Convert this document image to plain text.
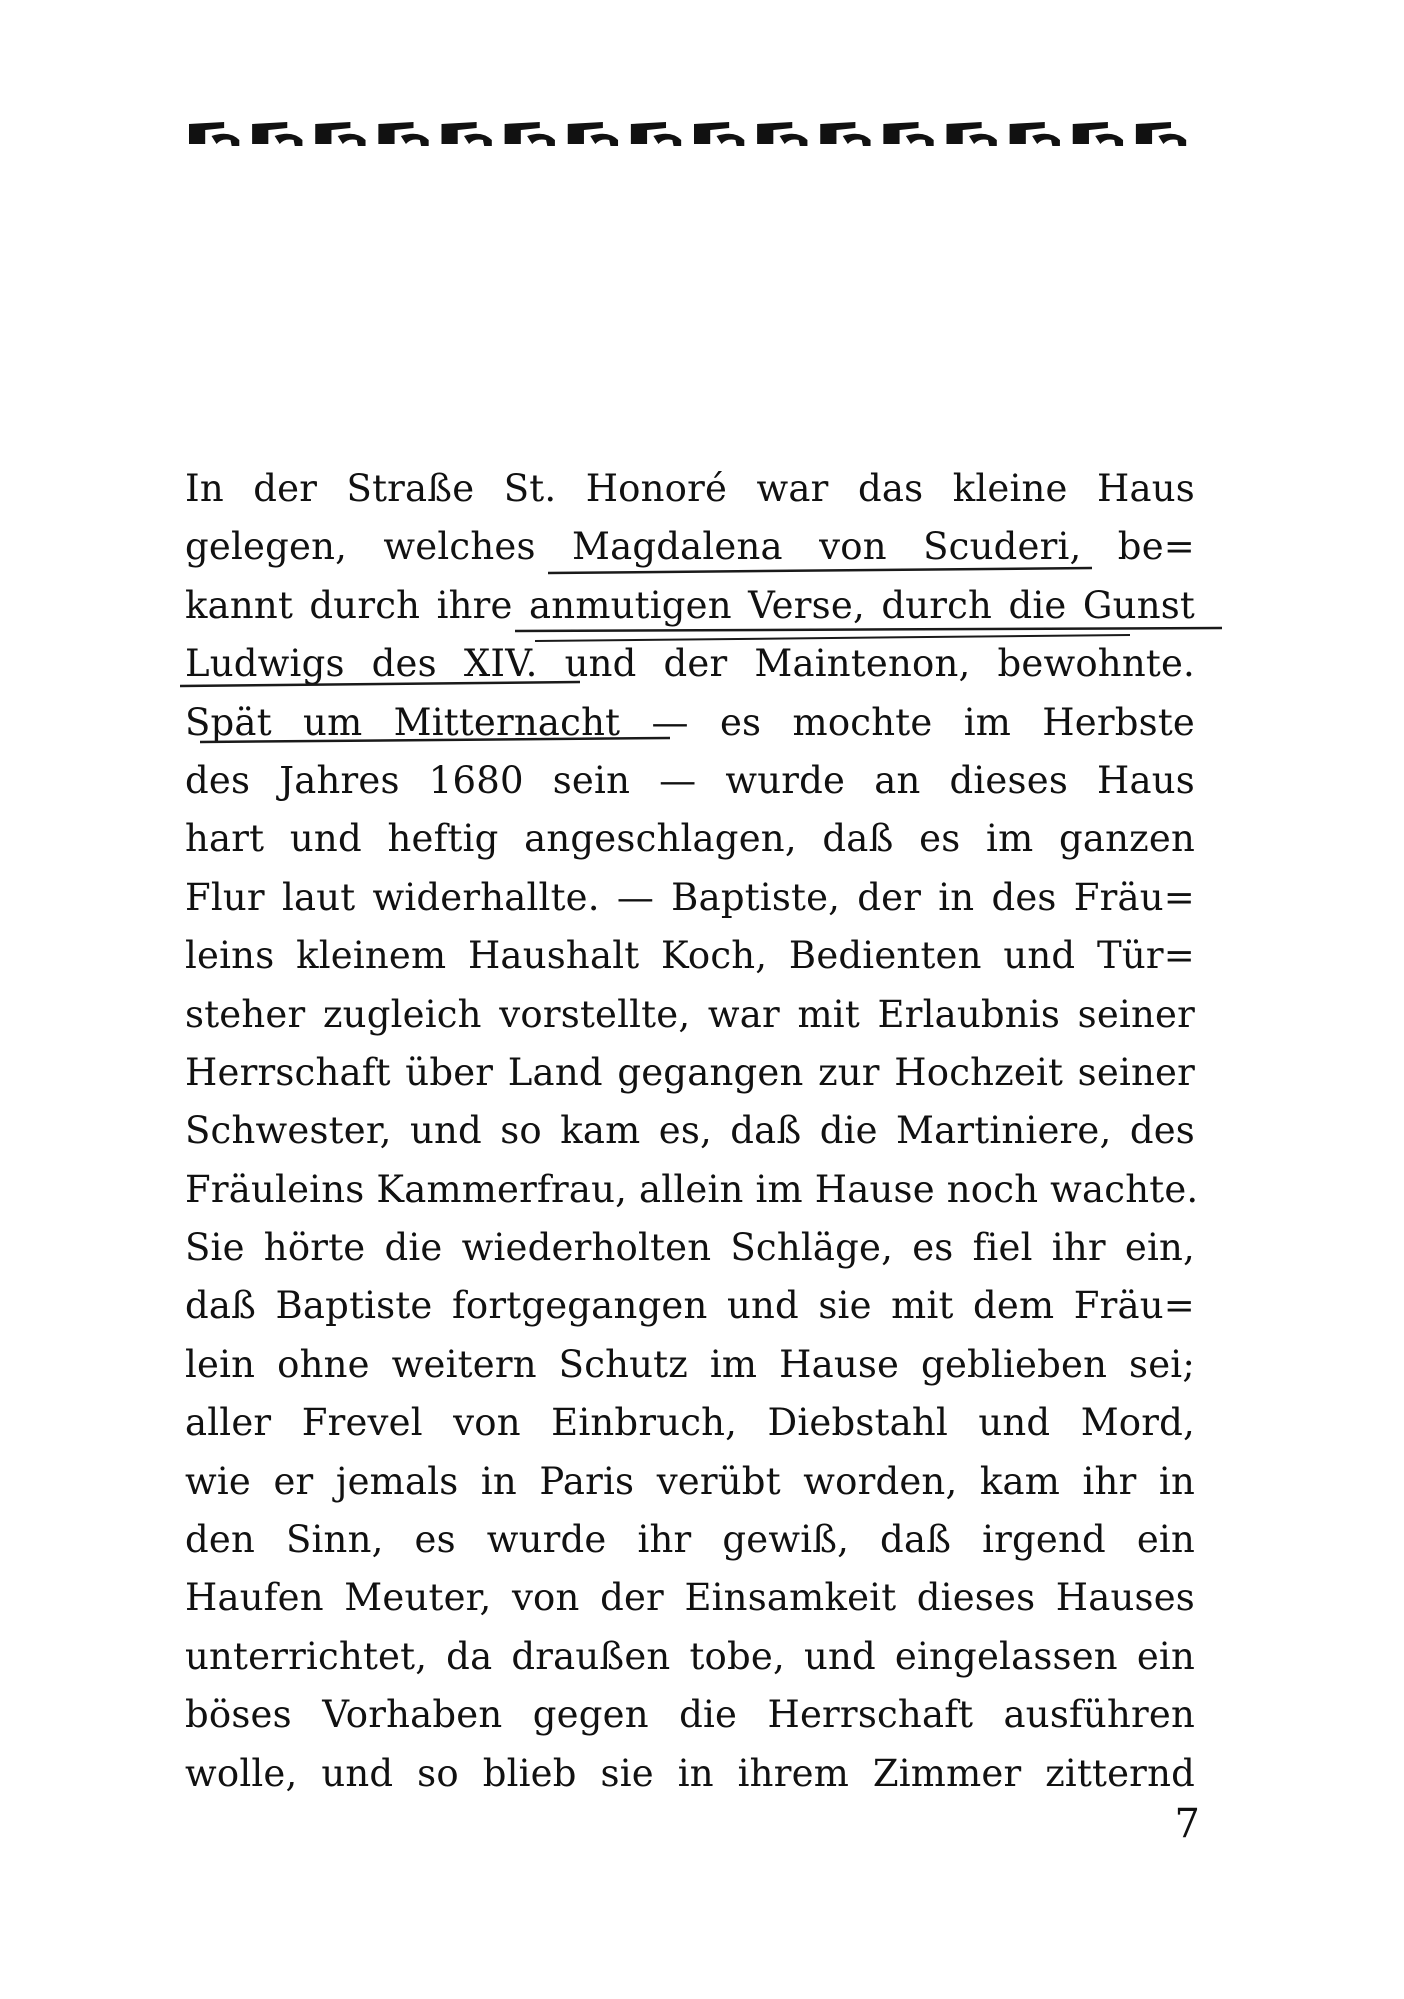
In der Straße St. Honoré war das kleine Haus
gelegen, welches Magdalena von Scuderi, be=
kannt durch ihre anmutigen Verse, durch die Gunst
Ludwigs des XIV. und der Maintenon, bewohnte.
Spät um Mitternacht — es mochte im Herbste
des Jahres 1680 sein — wurde an dieses Haus
hart und heftig angeschlagen, daß es im ganzen
Flur laut widerhallte. — Baptiste, der in des Fräu=
leins kleinem Haushalt Koch, Bedienten und Tür=
steher zugleich vorstellte, war mit Erlaubnis seiner
Herrschaft über Land gegangen zur Hochzeit seiner
Schwester, und so kam es, daß die Martiniere, des
Fräuleins Kammerfrau, allein im Hause noch wachte.
Sie hörte die wiederholten Schläge, es fiel ihr ein,
daß Baptiste fortgegangen und sie mit dem Fräu=
lein ohne weitern Schutz im Hause geblieben sei;
aller Frevel von Einbruch, Diebstahl und Mord,
wie er jemals in Paris verübt worden, kam ihr in
den Sinn, es wurde ihr gewiß, daß irgend ein
Haufen Meuter, von der Einsamkeit dieses Hauses
unterrichtet, da draußen tobe, und eingelassen ein
böses Vorhaben gegen die Herrschaft ausführen
wolle, und so blieb sie in ihrem Zimmer zitternd
7
